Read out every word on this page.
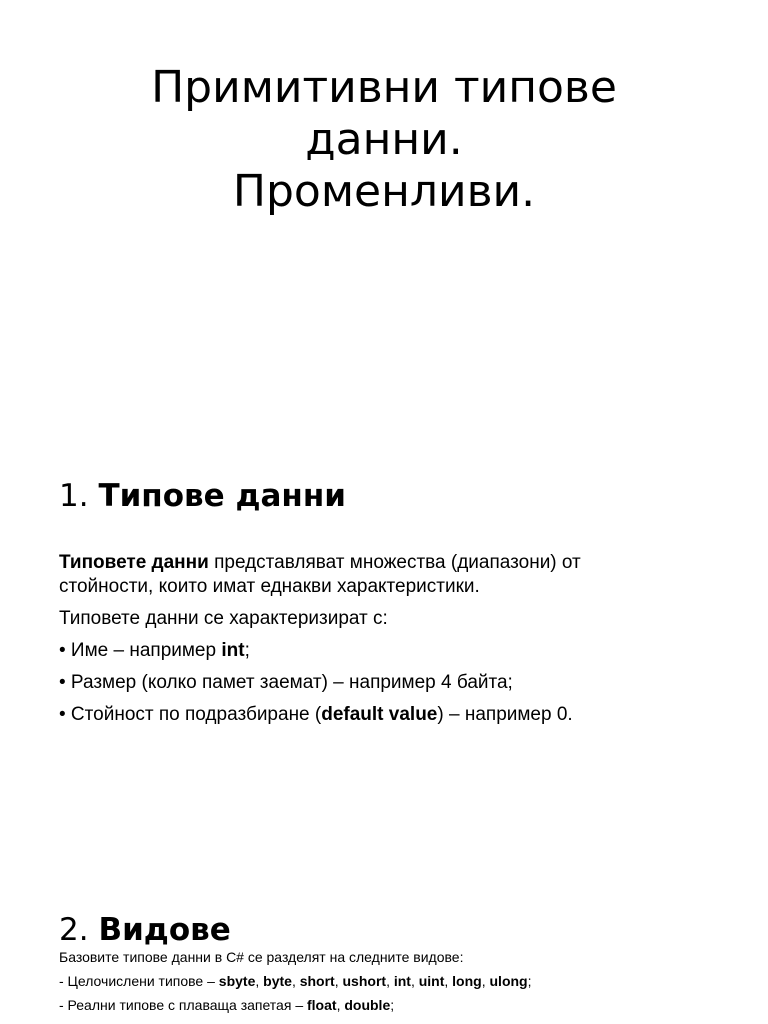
Примитивни типове
данни.
Променливи.
1. Типове данни

Типовете данни представляват множества (диапазони) от

стойности, които имат еднакви характеристики.

Типовете данни се характеризират с:

• Име – например int;

• Размер (колко памет заемат) – например 4 байта;

• Стойност по подразбиране (default value) – например 0.

2. Видове

Базовите типове данни в C# се разделят на следните видове:

- Целочислени типове – sbyte, byte, short, ushort, int, uint, long, ulong;

- Реални типове с плаваща запетая – float, double;
